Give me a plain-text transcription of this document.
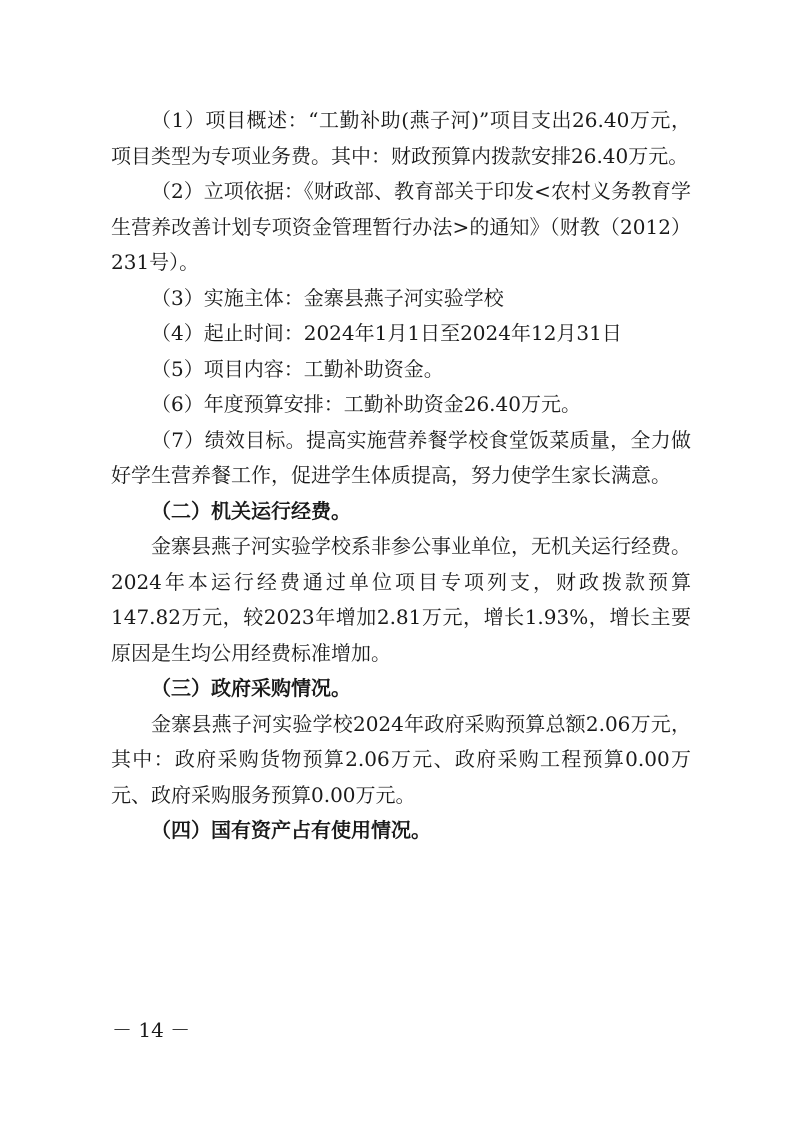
（1）项目概述：“工勤补助(燕子河)”项目支出26.40万元，项目类型为专项业务费。其中：财政预算内拨款安排26.40万元。

（2）立项依据：《财政部、教育部关于印发<农村义务教育学生营养改善计划专项资金管理暂行办法>的通知》（财教（2012）231号）。

（3）实施主体：金寨县燕子河实验学校

（4）起止时间：2024年1月1日至2024年12月31日

（5）项目内容：工勤补助资金。

（6）年度预算安排：工勤补助资金26.40万元。

（7）绩效目标。提高实施营养餐学校食堂饭菜质量，全力做好学生营养餐工作，促进学生体质提高，努力使学生家长满意。

（二）机关运行经费。

金寨县燕子河实验学校系非参公事业单位，无机关运行经费。2024年本运行经费通过单位项目专项列支，财政拨款预算147.82万元，较2023年增加2.81万元，增长1.93%，增长主要原因是生均公用经费标准增加。

（三）政府采购情况。

金寨县燕子河实验学校2024年政府采购预算总额2.06万元，其中：政府采购货物预算2.06万元、政府采购工程预算0.00万元、政府采购服务预算0.00万元。

（四）国有资产占有使用情况。

－ 14 －
